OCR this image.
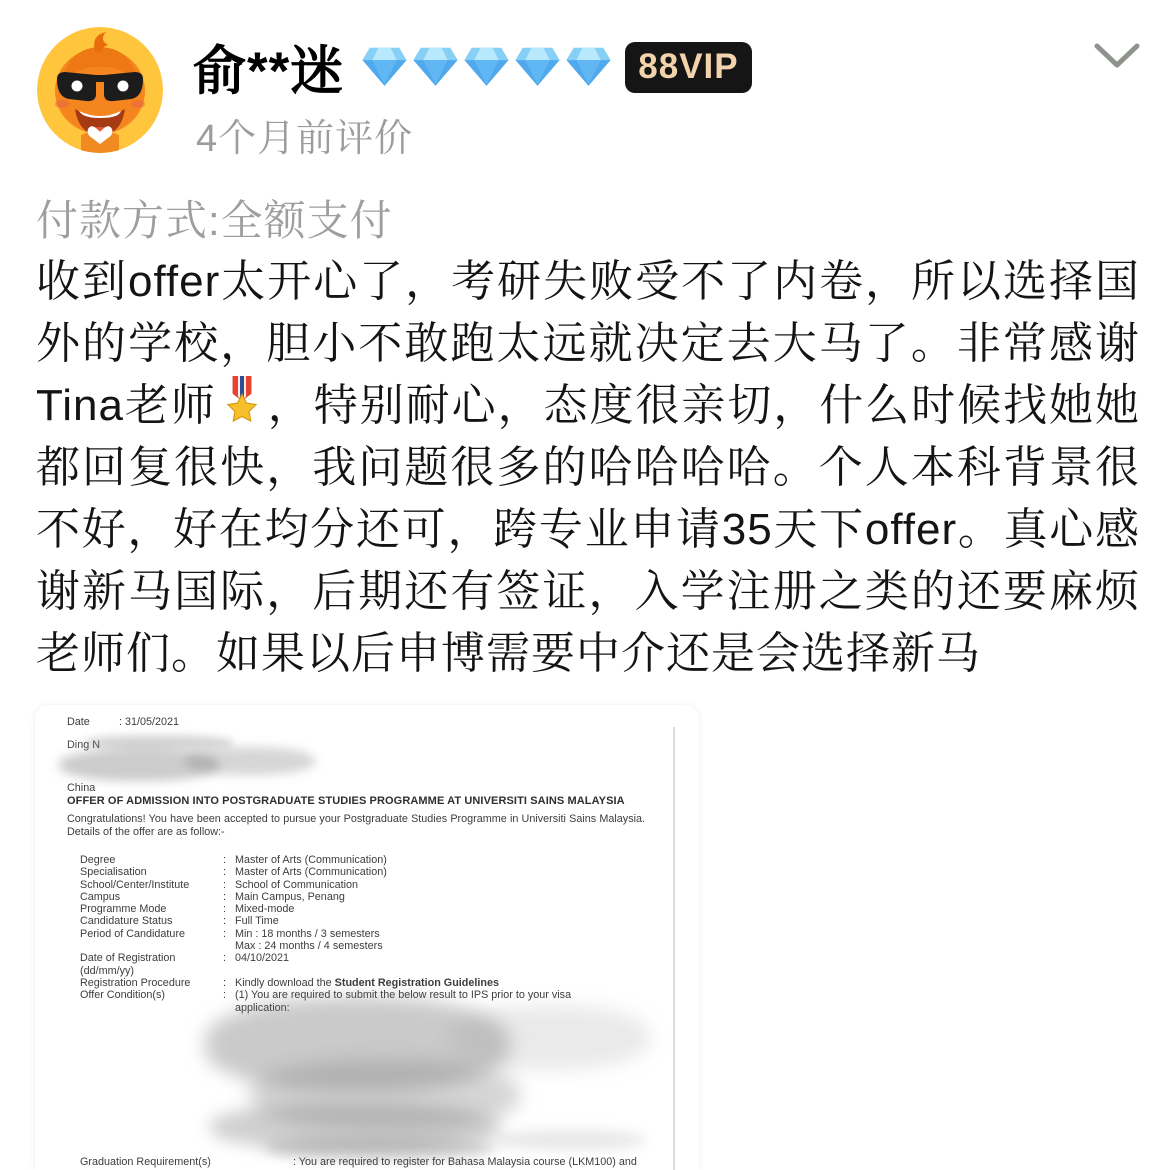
俞**迷	88VIP
4个月前评价
付款方式:全额支付

收到offer太开心了，考研失败受不了内卷，所以选择国外的学校，胆小不敢跑太远就决定去大马了。非常感谢Tina老师 ，特别耐心，态度很亲切，什么时候找她她都回复很快，我问题很多的哈哈哈哈。个人本科背景很不好，好在均分还可，跨专业申请35天下offer。真心感谢新马国际，后期还有签证，入学注册之类的还要麻烦老师们。如果以后申博需要中介还是会选择新马

Date	: 31/05/2021
Ding N
China
OFFER OF ADMISSION INTO POSTGRADUATE STUDIES PROGRAMME AT UNIVERSITI SAINS MALAYSIA
Congratulations! You have been accepted to pursue your Postgraduate Studies Programme in Universiti Sains Malaysia.
Details of the offer are as follow:-
Degree	: Master of Arts (Communication)
Specialisation	: Master of Arts (Communication)
School/Center/Institute	: School of Communication
Campus	: Main Campus, Penang
Programme Mode	: Mixed-mode
Candidature Status	: Full Time
Period of Candidature	: Min : 18 months / 3 semesters
Max : 24 months / 4 semesters
Date of Registration (dd/mm/yy)
: 04/10/2021
Registration Procedure	: Kindly download the Student Registration Guidelines
Offer Condition(s)	: (1) You are required to submit the below result to IPS prior to your visa
application:
Graduation Requirement(s)	: You are required to register for Bahasa Malaysia course (LKM100) and
